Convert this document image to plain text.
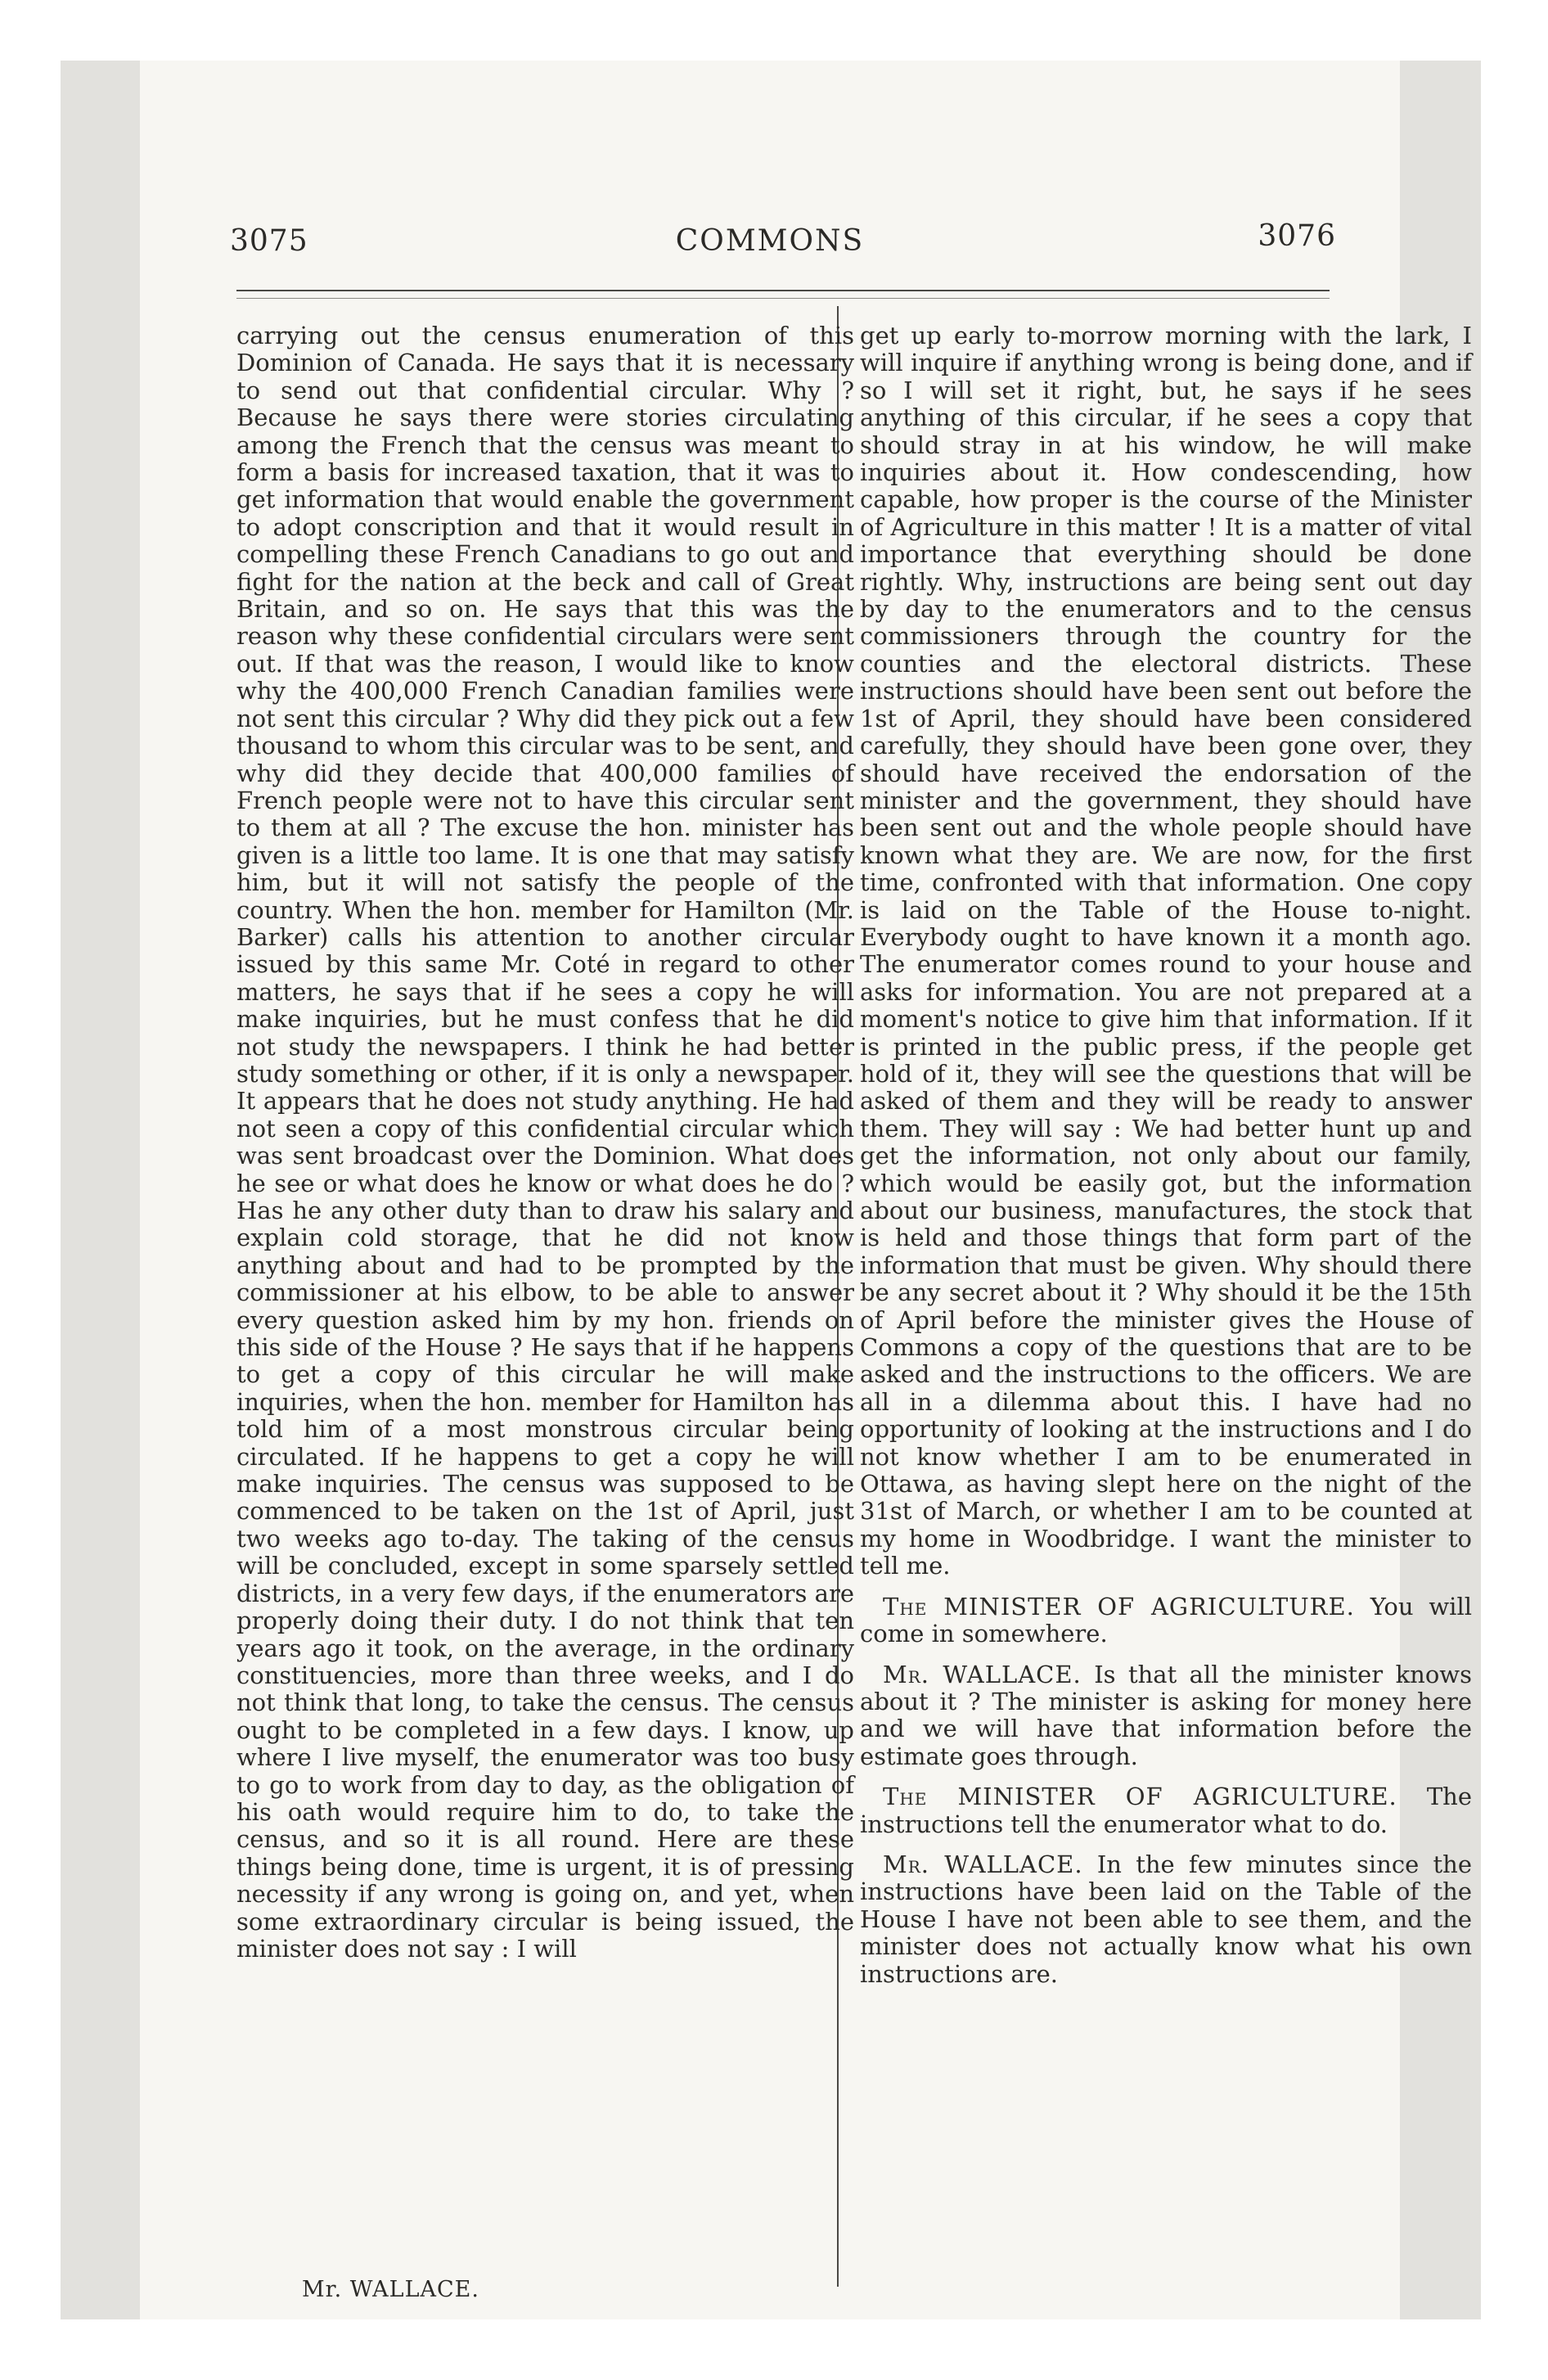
3075	COMMONS	3076

carrying out the census enumeration of this Dominion of Canada. He says that it is necessary to send out that confidential circular. Why ? Because he says there were stories circulating among the French that the census was meant to form a basis for increased taxation, that it was to get information that would enable the government to adopt conscription and that it would result in compelling these French Canadians to go out and fight for the nation at the beck and call of Great Britain, and so on. He says that this was the reason why these confidential circulars were sent out. If that was the reason, I would like to know why the 400,000 French Canadian families were not sent this circular ? Why did they pick out a few thousand to whom this circular was to be sent, and why did they decide that 400,000 families of French people were not to have this circular sent to them at all ? The excuse the hon. minister has given is a little too lame. It is one that may satisfy him, but it will not satisfy the people of the country. When the hon. member for Hamilton (Mr. Barker) calls his attention to another circular issued by this same Mr. Coté in regard to other matters, he says that if he sees a copy he will make inquiries, but he must confess that he did not study the newspapers. I think he had better study something or other, if it is only a newspaper. It appears that he does not study anything. He had not seen a copy of this confidential circular which was sent broadcast over the Dominion. What does he see or what does he know or what does he do ? Has he any other duty than to draw his salary and explain cold storage, that he did not know anything about and had to be prompted by the commissioner at his elbow, to be able to answer every question asked him by my hon. friends on this side of the House ? He says that if he happens to get a copy of this circular he will make inquiries, when the hon. member for Hamilton has told him of a most monstrous circular being circulated. If he happens to get a copy he will make inquiries. The census was supposed to be commenced to be taken on the 1st of April, just two weeks ago to-day. The taking of the census will be concluded, except in some sparsely settled districts, in a very few days, if the enumerators are properly doing their duty. I do not think that ten years ago it took, on the average, in the ordinary constituencies, more than three weeks, and I do not think that long, to take the census. The census ought to be completed in a few days. I know, up where I live myself, the enumerator was too busy to go to work from day to day, as the obligation of his oath would require him to do, to take the census, and so it is all round. Here are these things being done, time is urgent, it is of pressing necessity if any wrong is going on, and yet, when some extraordinary circular is being issued, the minister does not say : I will

get up early to-morrow morning with the lark, I will inquire if anything wrong is being done, and if so I will set it right, but, he says if he sees anything of this circular, if he sees a copy that should stray in at his window, he will make inquiries about it. How condescending, how capable, how proper is the course of the Minister of Agriculture in this matter ! It is a matter of vital importance that everything should be done rightly. Why, instructions are being sent out day by day to the enumerators and to the census commissioners through the country for the counties and the electoral districts. These instructions should have been sent out before the 1st of April, they should have been considered carefully, they should have been gone over, they should have received the endorsation of the minister and the government, they should have been sent out and the whole people should have known what they are. We are now, for the first time, confronted with that information. One copy is laid on the Table of the House to-night. Everybody ought to have known it a month ago. The enumerator comes round to your house and asks for information. You are not prepared at a moment's notice to give him that information. If it is printed in the public press, if the people get hold of it, they will see the questions that will be asked of them and they will be ready to answer them. They will say : We had better hunt up and get the information, not only about our family, which would be easily got, but the information about our business, manufactures, the stock that is held and those things that form part of the information that must be given. Why should there be any secret about it ? Why should it be the 15th of April before the minister gives the House of Commons a copy of the questions that are to be asked and the instructions to the officers. We are all in a dilemma about this. I have had no opportunity of looking at the instructions and I do not know whether I am to be enumerated in Ottawa, as having slept here on the night of the 31st of March, or whether I am to be counted at my home in Woodbridge. I want the minister to tell me.

The MINISTER OF AGRICULTURE. You will come in somewhere.

Mr. WALLACE. Is that all the minister knows about it ? The minister is asking for money here and we will have that information before the estimate goes through.

The MINISTER OF AGRICULTURE. The instructions tell the enumerator what to do.

Mr. WALLACE. In the few minutes since the instructions have been laid on the Table of the House I have not been able to see them, and the minister does not actually know what his own instructions are.

Mr. WALLACE.
